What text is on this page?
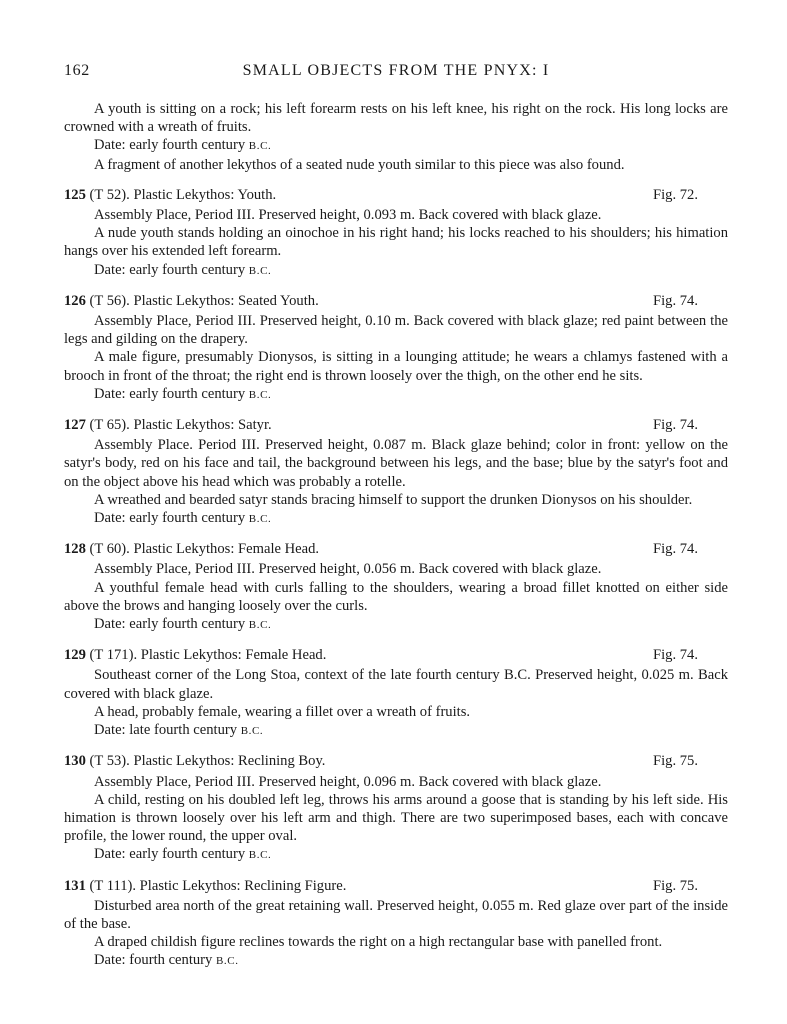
162	SMALL OBJECTS FROM THE PNYX: I

A youth is sitting on a rock; his left forearm rests on his left knee, his right on the rock. His long locks are crowned with a wreath of fruits.

Date: early fourth century B.C.

A fragment of another lekythos of a seated nude youth similar to this piece was also found.

125 (T 52). Plastic Lekythos: Youth.	Fig. 72.

Assembly Place, Period III. Preserved height, 0.093 m. Back covered with black glaze.

A nude youth stands holding an oinochoe in his right hand; his locks reached to his shoulders; his himation hangs over his extended left forearm.

Date: early fourth century B.C.
126 (T 56). Plastic Lekythos: Seated Youth.	Fig. 74.

Assembly Place, Period III. Preserved height, 0.10 m. Back covered with black glaze; red paint between the legs and gilding on the drapery.

A male figure, presumably Dionysos, is sitting in a lounging attitude; he wears a chlamys fastened with a brooch in front of the throat; the right end is thrown loosely over the thigh, on the other end he sits.

Date: early fourth century B.C.
127 (T 65). Plastic Lekythos: Satyr.	Fig. 74.

Assembly Place. Period III. Preserved height, 0.087 m. Black glaze behind; color in front: yellow on the satyr's body, red on his face and tail, the background between his legs, and the base; blue by the satyr's foot and on the object above his head which was probably a rotelle.

A wreathed and bearded satyr stands bracing himself to support the drunken Dionysos on his shoulder.

Date: early fourth century B.C.
128 (T 60). Plastic Lekythos: Female Head.	Fig. 74.

Assembly Place, Period III. Preserved height, 0.056 m. Back covered with black glaze.

A youthful female head with curls falling to the shoulders, wearing a broad fillet knotted on either side above the brows and hanging loosely over the curls.

Date: early fourth century B.C.
129 (T 171). Plastic Lekythos: Female Head.	Fig. 74.

Southeast corner of the Long Stoa, context of the late fourth century B.C. Preserved height, 0.025 m. Back covered with black glaze.

A head, probably female, wearing a fillet over a wreath of fruits.

Date: late fourth century B.C.
130 (T 53). Plastic Lekythos: Reclining Boy.	Fig. 75.

Assembly Place, Period III. Preserved height, 0.096 m. Back covered with black glaze.

A child, resting on his doubled left leg, throws his arms around a goose that is standing by his left side. His himation is thrown loosely over his left arm and thigh. There are two superimposed bases, each with concave profile, the lower round, the upper oval.

Date: early fourth century B.C.
131 (T 111). Plastic Lekythos: Reclining Figure.	Fig. 75.

Disturbed area north of the great retaining wall. Preserved height, 0.055 m. Red glaze over part of the inside of the base.

A draped childish figure reclines towards the right on a high rectangular base with panelled front.

Date: fourth century B.C.
